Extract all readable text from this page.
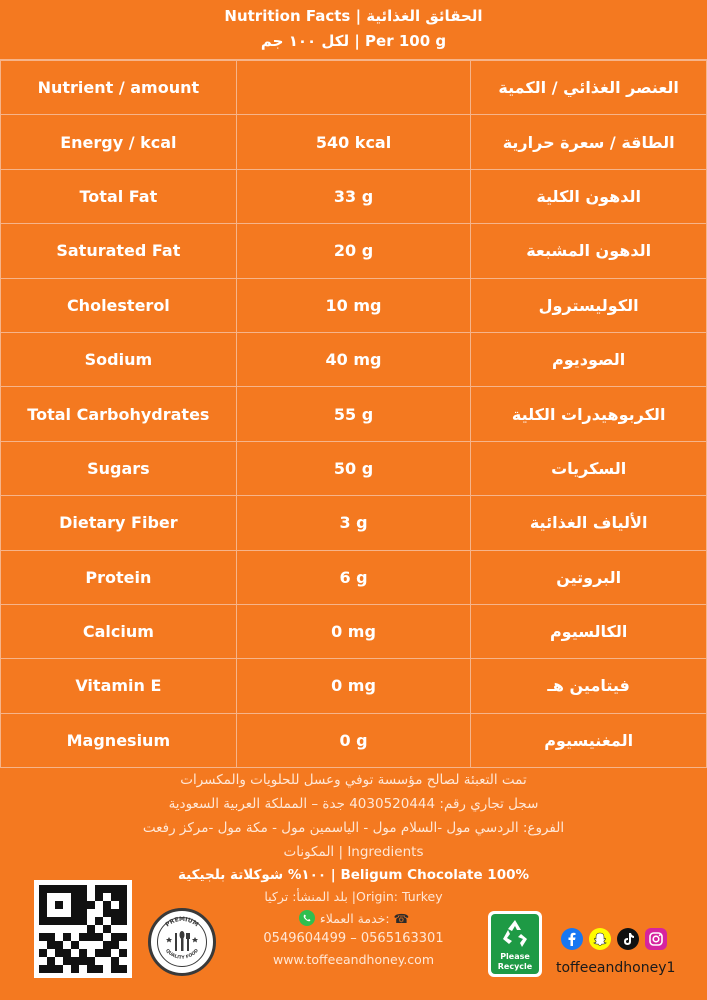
Nutrition Facts | الحقائق الغذائية
لكل ١٠٠ جم | Per 100 g
Nutrient / amount		العنصر الغذائي / الكمية
Energy / kcal	540 kcal	الطاقة / سعرة حرارية
Total Fat	33 g	الدهون الكلية
Saturated Fat	20 g	الدهون المشبعة
Cholesterol	10 mg	الكوليسترول
Sodium	40 mg	الصوديوم
Total Carbohydrates	55 g	الكربوهيدرات الكلية
Sugars	50 g	السكريات
Dietary Fiber	3 g	الألياف الغذائية
Protein	6 g	البروتين
Calcium	0 mg	الكالسيوم
Vitamin E	0 mg	فيتامين هـ
Magnesium	0 g	المغنيسيوم
تمت التعبئة لصالح مؤسسة توفي وعسل للحلويات والمكسرات
سجل تجاري رقم: 4030520444 جدة – المملكة العربية السعودية
الفروع: الردسي مول -السلام مول - الياسمين مول - مكة مول -مركز رفعت
المكونات | Ingredients
١٠٠% شوكلاتة بلجيكية | Beligum Chocolate 100%
بلد المنشأ: تركيا |Origin: Turkey
خدمة العملاء: ☎
0549604499 – 0565163301
www.toffeeandhoney.com
PREMIUM
QUALITY FOOD
Please
Recycle	toffeeandhoney1
